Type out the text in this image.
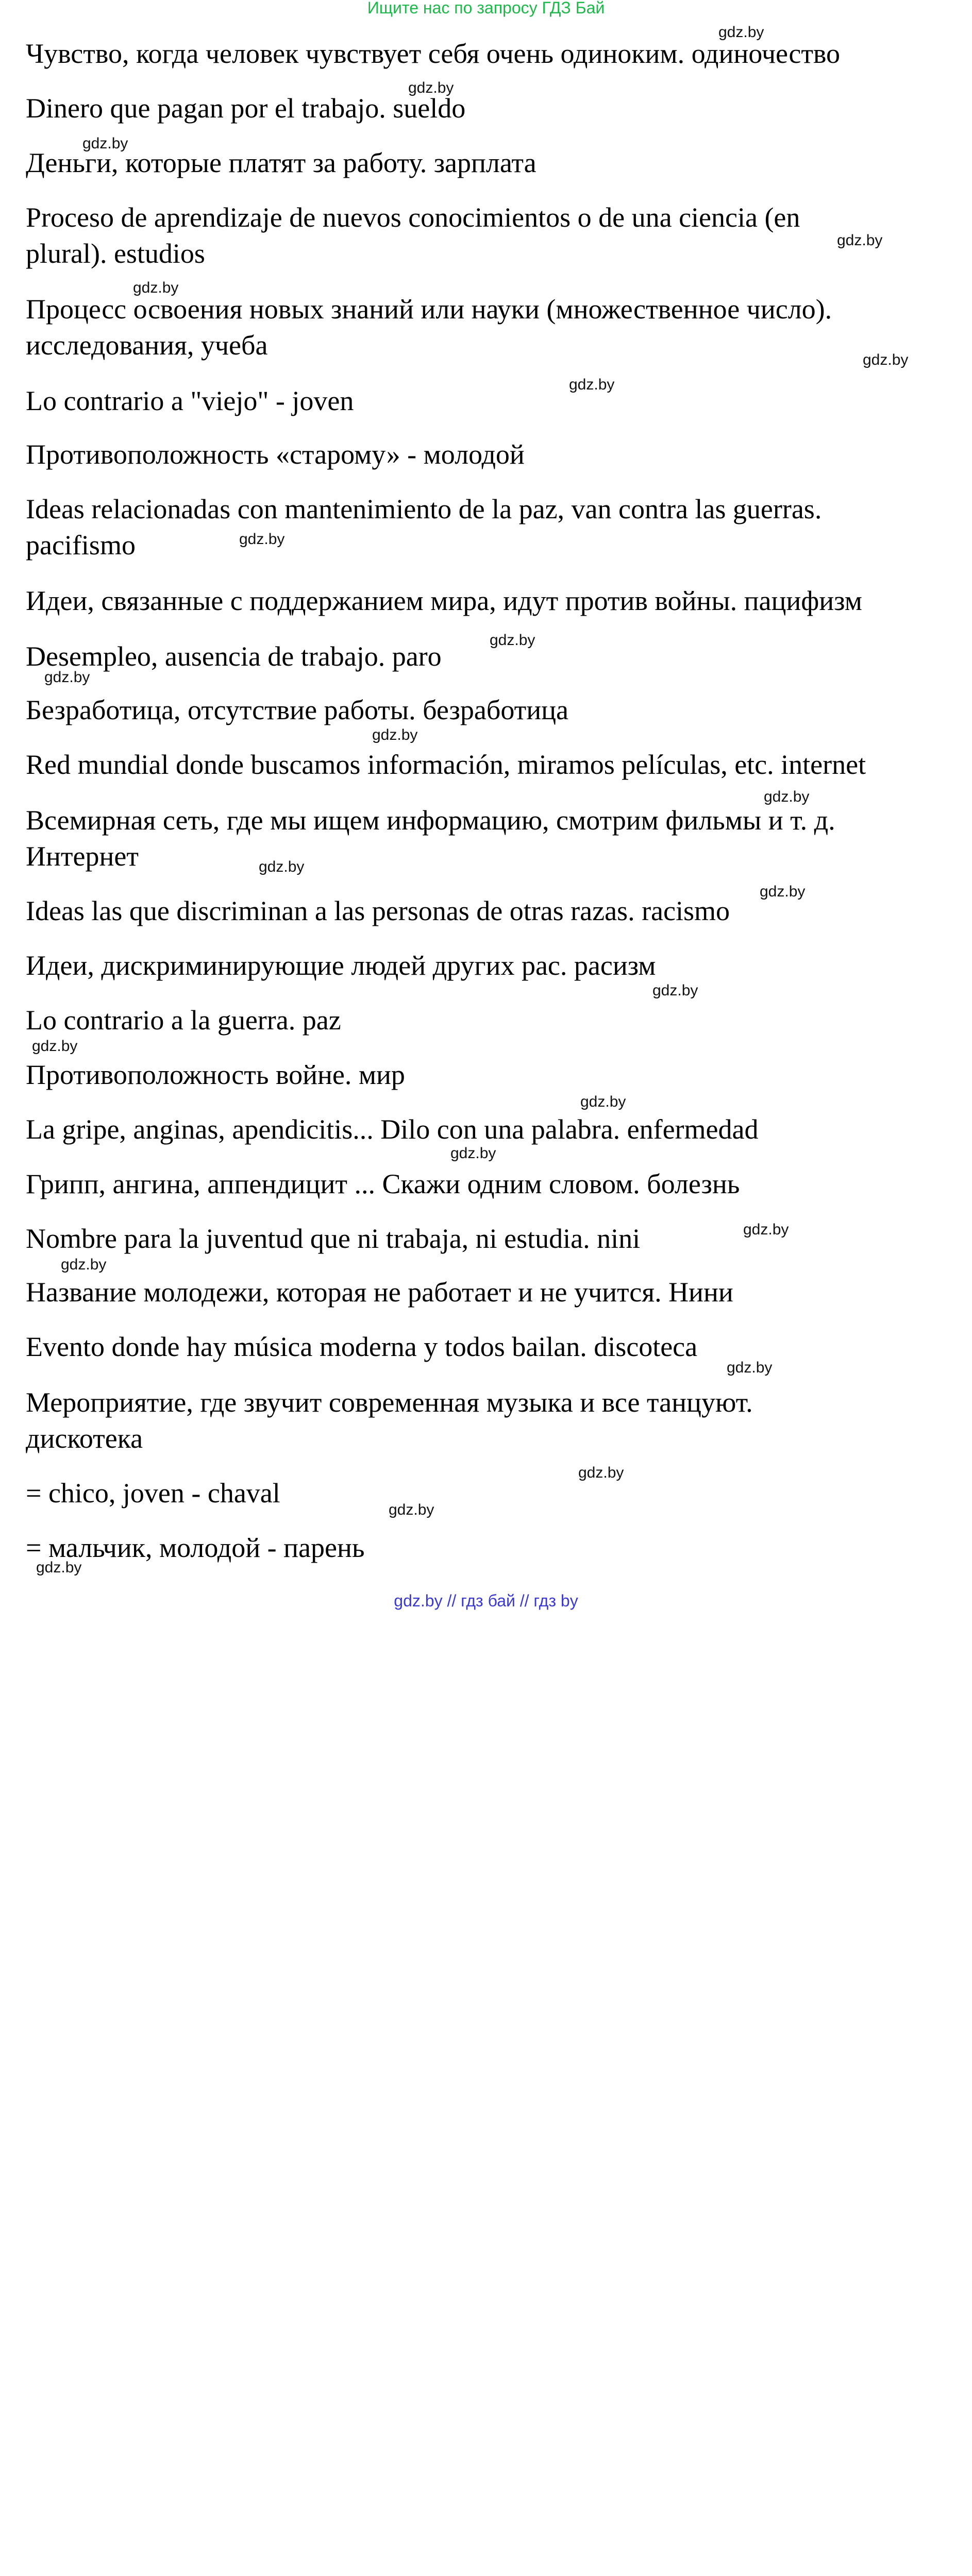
Ищите нас по запросу ГДЗ Бай
Чувство, когда человек чувствует себя очень одиноким. одиночество
Dinero que pagan por el trabajo. sueldo
Деньги, которые платят за работу. зарплата
Proceso de aprendizaje de nuevos conocimientos o de una ciencia (en
plural). estudios
Процесс освоения новых знаний или науки (множественное число).
исследования, учеба
Lo contrario a "viejo" - joven
Противоположность «старому» - молодой
Ideas relacionadas con mantenimiento de la paz, van contra las guerras.
pacifismo
Идеи, связанные с поддержанием мира, идут против войны. пацифизм
Desempleo, ausencia de trabajo. paro
Безработица, отсутствие работы. безработица
Red mundial donde buscamos información, miramos películas, etc. internet
Всемирная сеть, где мы ищем информацию, смотрим фильмы и т. д.
Интернет
Ideas las que discriminan a las personas de otras razas. racismo
Идеи, дискриминирующие людей других рас. расизм
Lo contrario a la guerra. paz
Противоположность войне. мир
La gripe, anginas, apendicitis... Dilo con una palabra. enfermedad
Грипп, ангина, аппендицит ... Скажи одним словом. болезнь
Nombre para la juventud que ni trabaja, ni estudia. nini
Название молодежи, которая не работает и не учится. Нини
Evento donde hay música moderna y todos bailan. discoteca
Мероприятие, где звучит современная музыка и все танцуют.
дискотека
= chico, joven - chaval
= мальчик, молодой - парень
gdz.by
gdz.by
gdz.by
gdz.by
gdz.by
gdz.by
gdz.by
gdz.by
gdz.by
gdz.by
gdz.by
gdz.by
gdz.by
gdz.by
gdz.by
gdz.by
gdz.by
gdz.by
gdz.by
gdz.by
gdz.by
gdz.by
gdz.by
gdz.by
gdz.by // гдз бай // гдз by
